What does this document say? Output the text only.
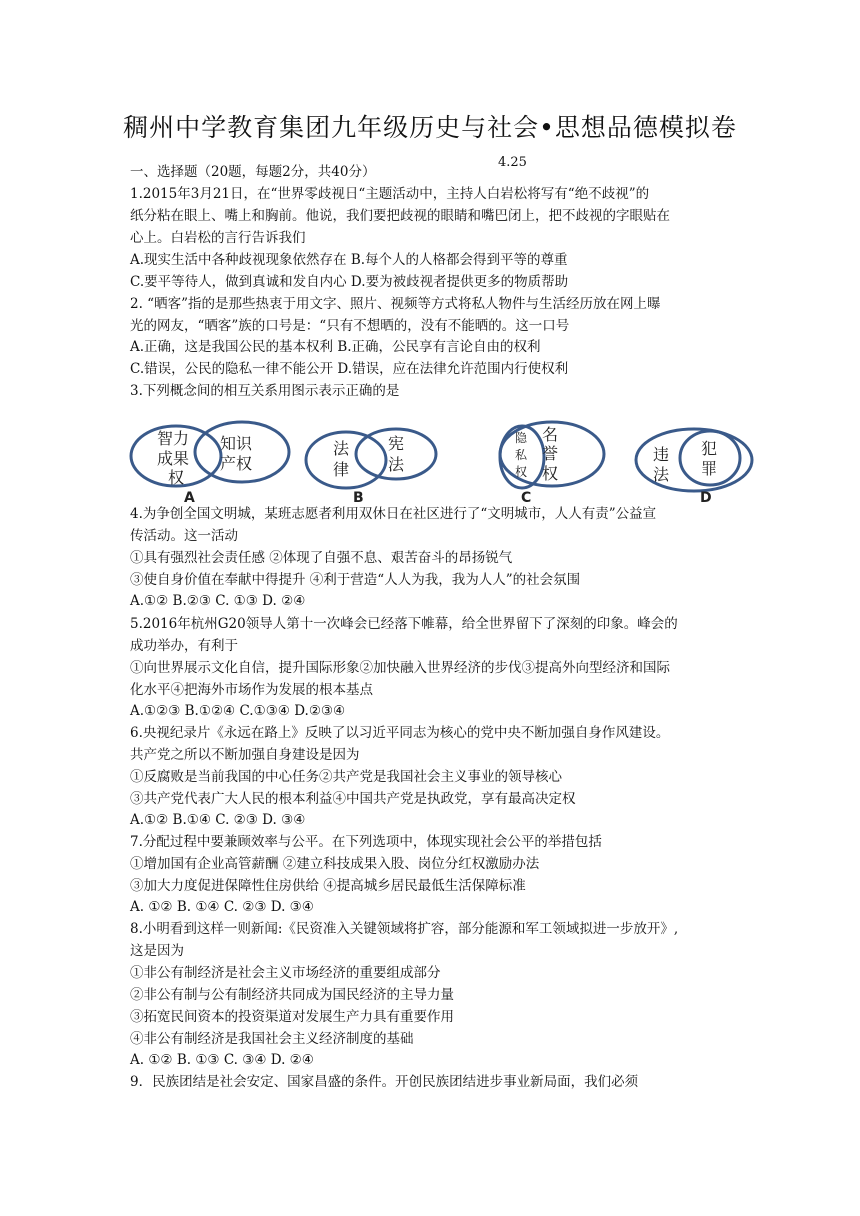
稠州中学教育集团九年级历史与社会•思想品德模拟卷
4.25
一、选择题（20题，每题2分，共40分）
1.2015年3月21日，在“世界零歧视日“主题活动中，主持人白岩松将写有“绝不歧视”的
纸分粘在眼上、嘴上和胸前。他说，我们要把歧视的眼睛和嘴巴闭上，把不歧视的字眼贴在
心上。白岩松的言行告诉我们
A.现实生活中各种歧视现象依然存在 B.每个人的人格都会得到平等的尊重
C.要平等待人，做到真诚和发自内心 D.要为被歧视者提供更多的物质帮助
2. “晒客”指的是那些热衷于用文字、照片、视频等方式将私人物件与生活经历放在网上曝
光的网友，“晒客”族的口号是：“只有不想晒的，没有不能晒的。这一口号
A.正确，这是我国公民的基本权利 B.正确，公民享有言论自由的权利
C.错误，公民的隐私一律不能公开 D.错误，应在法律允许范围内行使权利
3.下列概念间的相互关系用图示表示正确的是
4.为争创全国文明城，某班志愿者利用双休日在社区进行了“文明城市，人人有责”公益宣
传活动。这一活动
①具有强烈社会责任感 ②体现了自强不息、艰苦奋斗的昂扬锐气
③使自身价值在奉献中得提升 ④利于营造“人人为我，我为人人”的社会氛围
A.①② B.②③ C. ①③ D. ②④
5.2016年杭州G20领导人第十一次峰会已经落下帷幕，给全世界留下了深刻的印象。峰会的
成功举办，有利于
①向世界展示文化自信，提升国际形象②加快融入世界经济的步伐③提高外向型经济和国际
化水平④把海外市场作为发展的根本基点
A.①②③ B.①②④ C.①③④ D.②③④
6.央视纪录片《永远在路上》反映了以习近平同志为核心的党中央不断加强自身作风建设。
共产党之所以不断加强自身建设是因为
①反腐败是当前我国的中心任务②共产党是我国社会主义事业的领导核心
③共产党代表广大人民的根本利益④中国共产党是执政党，享有最高决定权
A.①② B.①④ C. ②③ D. ③④
7.分配过程中要兼顾效率与公平。在下列选项中，体现实现社会公平的举措包括
①增加国有企业高管薪酬 ②建立科技成果入股、岗位分红权激励办法
③加大力度促进保障性住房供给 ④提高城乡居民最低生活保障标准
A. ①② B. ①④ C. ②③ D. ③④
8.小明看到这样一则新闻:《民资准入关键领域将扩容，部分能源和军工领域拟进一步放开》,
这是因为
①非公有制经济是社会主义市场经济的重要组成部分
②非公有制与公有制经济共同成为国民经济的主导力量
③拓宽民间资本的投资渠道对发展生产力具有重要作用
④非公有制经济是我国社会主义经济制度的基础
A. ①② B. ①③ C. ③④ D. ②④
9．民族团结是社会安定、国家昌盛的条件。开创民族团结进步事业新局面，我们必须
智力
成果
权
知识
产权
法
律
宪
法
名
誉
权
违
法
犯
罪
隐
私
权
A	B	C	D
